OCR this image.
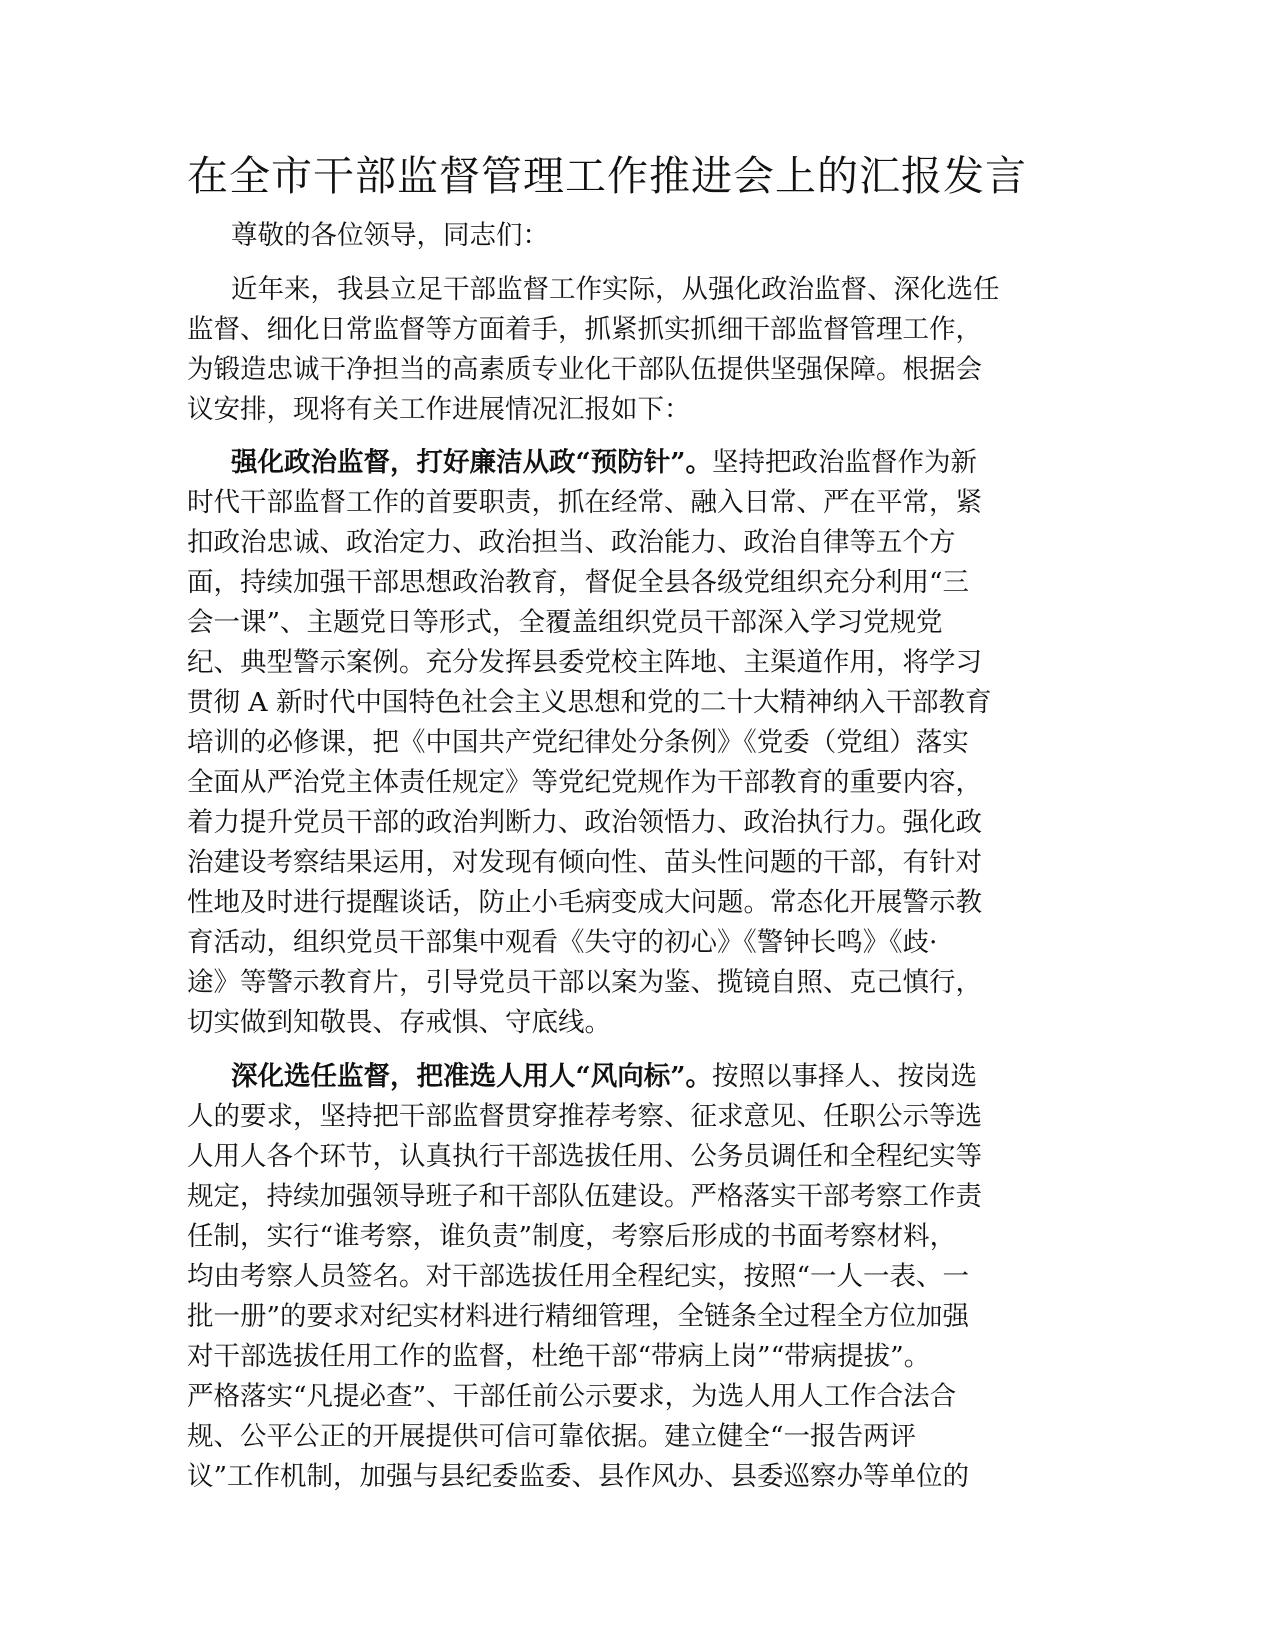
在全市干部监督管理工作推进会上的汇报发言
尊敬的各位领导，同志们：
近年来，我县立足干部监督工作实际，从强化政治监督、深化选任
监督、细化日常监督等方面着手，抓紧抓实抓细干部监督管理工作，
为锻造忠诚干净担当的高素质专业化干部队伍提供坚强保障。根据会
议安排，现将有关工作进展情况汇报如下：
强化政治监督，打好廉洁从政“预防针”。坚持把政治监督作为新
时代干部监督工作的首要职责，抓在经常、融入日常、严在平常，紧
扣政治忠诚、政治定力、政治担当、政治能力、政治自律等五个方
面，持续加强干部思想政治教育，督促全县各级党组织充分利用“三
会一课”、主题党日等形式，全覆盖组织党员干部深入学习党规党
纪、典型警示案例。充分发挥县委党校主阵地、主渠道作用，将学习
贯彻 A 新时代中国特色社会主义思想和党的二十大精神纳入干部教育
培训的必修课，把《中国共产党纪律处分条例》《党委（党组）落实
全面从严治党主体责任规定》等党纪党规作为干部教育的重要内容，
着力提升党员干部的政治判断力、政治领悟力、政治执行力。强化政
治建设考察结果运用，对发现有倾向性、苗头性问题的干部，有针对
性地及时进行提醒谈话，防止小毛病变成大问题。常态化开展警示教
育活动，组织党员干部集中观看《失守的初心》《警钟长鸣》《歧·
途》等警示教育片，引导党员干部以案为鉴、揽镜自照、克己慎行，
切实做到知敬畏、存戒惧、守底线。
深化选任监督，把准选人用人“风向标”。按照以事择人、按岗选
人的要求，坚持把干部监督贯穿推荐考察、征求意见、任职公示等选
人用人各个环节，认真执行干部选拔任用、公务员调任和全程纪实等
规定，持续加强领导班子和干部队伍建设。严格落实干部考察工作责
任制，实行“谁考察，谁负责”制度，考察后形成的书面考察材料，
均由考察人员签名。对干部选拔任用全程纪实，按照“一人一表、一
批一册”的要求对纪实材料进行精细管理，全链条全过程全方位加强
对干部选拔任用工作的监督，杜绝干部“带病上岗”“带病提拔”。
严格落实“凡提必查”、干部任前公示要求，为选人用人工作合法合
规、公平公正的开展提供可信可靠依据。建立健全“一报告两评
议”工作机制，加强与县纪委监委、县作风办、县委巡察办等单位的
